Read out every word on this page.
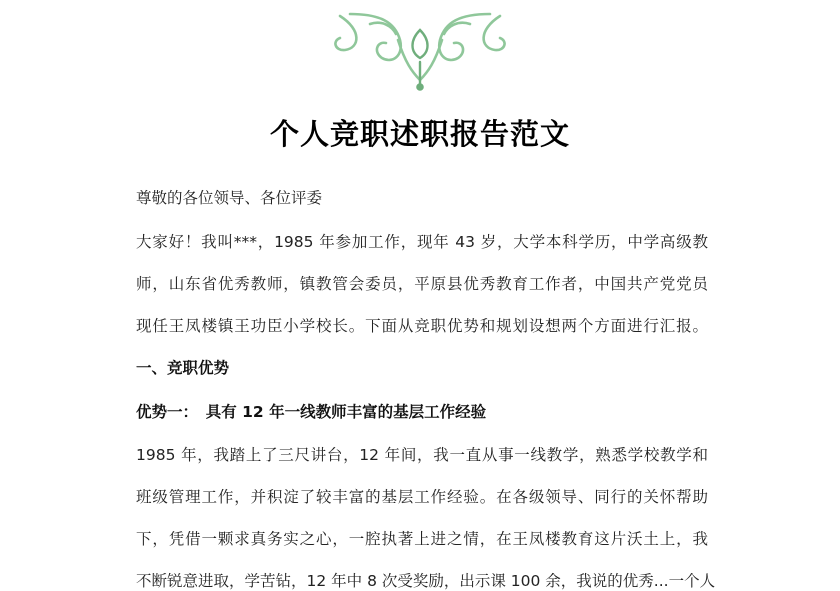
个人竞职述职报告范文
尊敬的各位领导、各位评委
大家好！我叫***，1985 年参加工作，现年 43 岁，大学本科学历，中学高级教
师，山东省优秀教师，镇教管会委员，平原县优秀教育工作者，中国共产党党员
现任王凤楼镇王功臣小学校长。下面从竞职优势和规划设想两个方面进行汇报。
一、竞职优势
优势一：　具有 12 年一线教师丰富的基层工作经验
1985 年，我踏上了三尺讲台，12 年间，我一直从事一线教学，熟悉学校教学和
班级管理工作，并积淀了较丰富的基层工作经验。在各级领导、同行的关怀帮助
下，凭借一颗求真务实之心，一腔执著上进之情，在王凤楼教育这片沃土上，我
不断锐意进取，学苦钻，12 年中 8 次受奖励，出示课 100 余，我说的优秀...一个人
